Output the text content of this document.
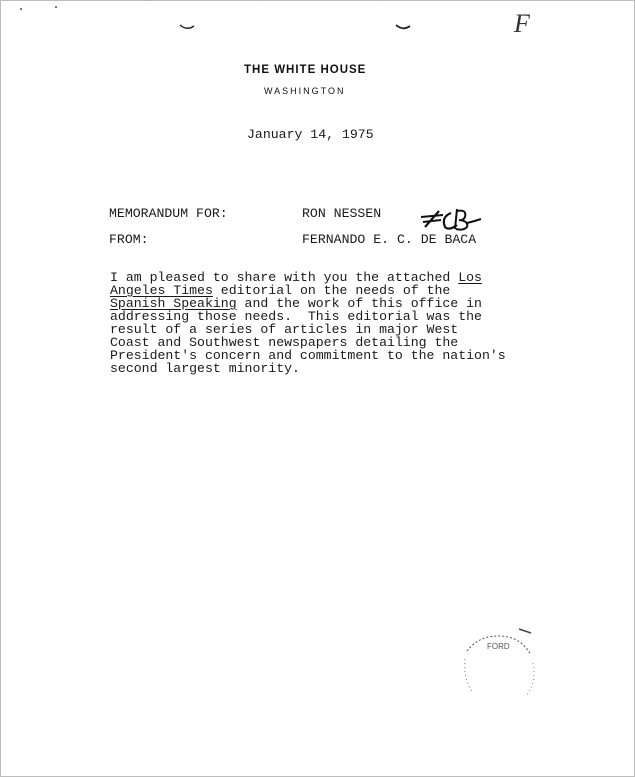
F
THE WHITE HOUSE
WASHINGTON
January 14, 1975
MEMORANDUM FOR:	RON NESSEN
FROM:	FERNANDO E. C. DE BACA
I am pleased to share with you the attached Los
Angeles Times editorial on the needs of the
Spanish Speaking and the work of this office in
addressing those needs.  This editorial was the
result of a series of articles in major West
Coast and Southwest newspapers detailing the
President's concern and commitment to the nation's
second largest minority.
FORD
